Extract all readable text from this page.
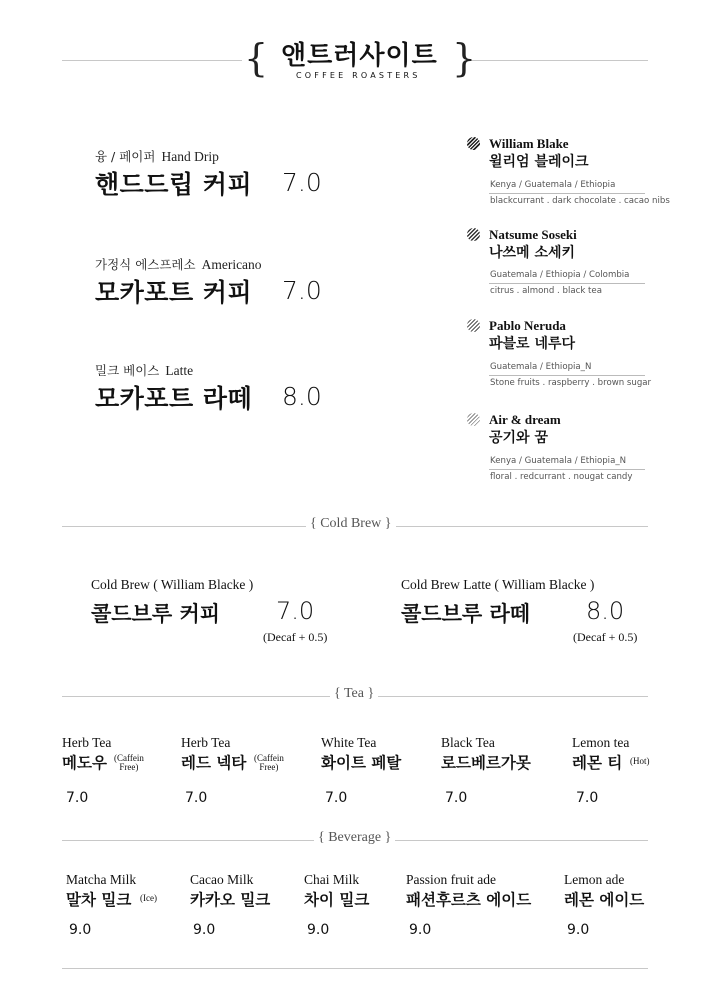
{	}
앤트러사이트
COFFEE ROASTERS
융 / 페이퍼 Hand Drip
핸드드립 커피 7.0
가정식 에스프레소 Americano
모카포트 커피 7.0
밀크 베이스 Latte
모카포트 라떼 8.0
William Blake
윌리엄 블레이크
Kenya / Guatemala / Ethiopia
blackcurrant . dark chocolate . cacao nibs
Natsume Soseki
나쓰메 소세키
Guatemala / Ethiopia / Colombia
citrus . almond . black tea
Pablo Neruda
파블로 네루다
Guatemala / Ethiopia_N
Stone fruits . raspberry . brown sugar
Air & dream
공기와 꿈
Kenya / Guatemala / Ethiopia_N
floral . redcurrant . nougat candy
{ Cold Brew }
Cold Brew ( William Blacke )
콜드브루 커피 7.0
(Decaf + 0.5)
Cold Brew Latte ( William Blacke )
콜드브루 라떼 8.0
(Decaf + 0.5)
{ Tea }
Herb Tea
메도우 (Caffein
Free)
7.0
Herb Tea
레드 넥타 (Caffein
Free)
7.0
White Tea
화이트 페탈
7.0
Black Tea
로드베르가못
7.0
Lemon tea
레몬 티 (Hot)
7.0
{ Beverage }
Matcha Milk
말차 밀크 (Ice)
9.0
Cacao Milk
카카오 밀크
9.0
Chai Milk
차이 밀크
9.0
Passion fruit ade
패션후르츠 에이드
9.0
Lemon ade
레몬 에이드
9.0
